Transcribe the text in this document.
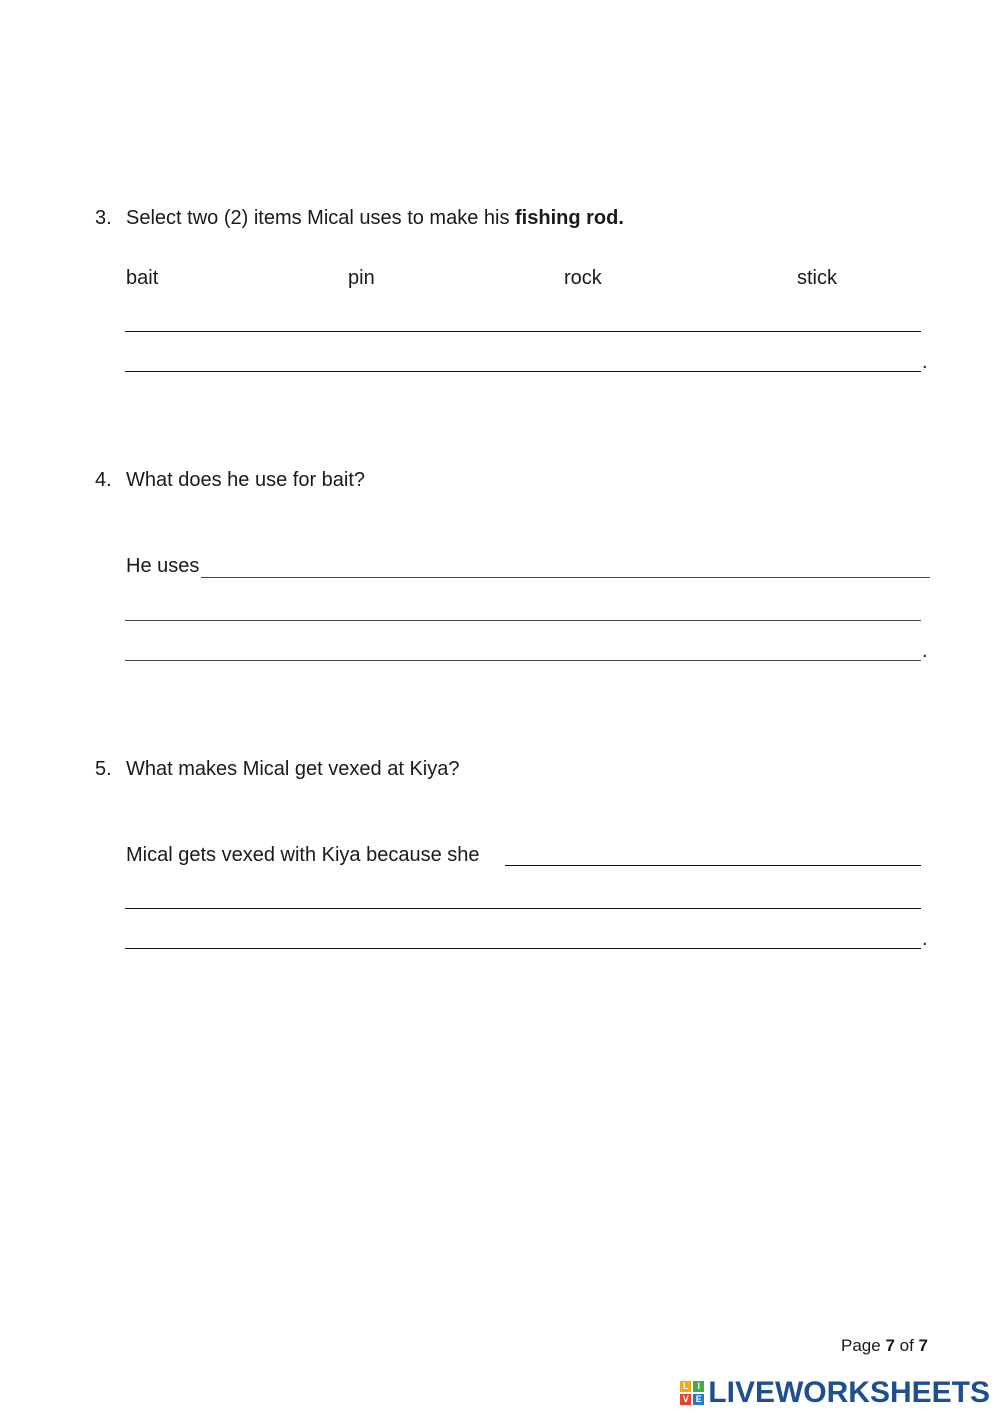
3. Select two (2) items Mical uses to make his fishing rod.
bait	pin	rock	stick
.
4. What does he use for bait?
He uses
.
5. What makes Mical get vexed at Kiya?
Mical gets vexed with Kiya because she
.
Page 7 of 7
L I
V E LIVEWORKSHEETS
